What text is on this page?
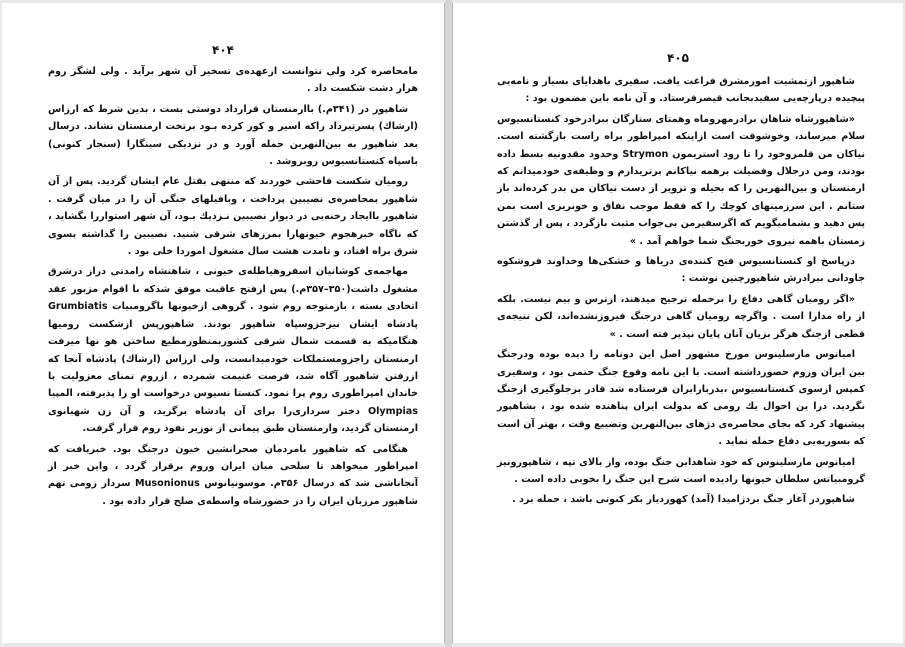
۴۰۴

مامحاصره کرد ولی نتوانست ازعهده‌ی تسخیر آن شهر برآید . ولی لشگر روم هرار دشت شکست داد .

شاهپور در (۳۴۱م.) باارمنستان قرارداد دوستی بست ، بدین شرط که ارزاس (ارشاك) پسرتیرداد راکه اسیر و کور کرده بـود برتخت ارمنستان نشاند. درسال بعد شاهپور به بین‌النهرین حمله آورد و در نزدیکی سینگارا (سنجار کنونی) باسپاه کنستانسیوس روبروشد .

رومیان شکست فاحشی خوردند که منتهی بقتل عام ایشان گردید. پس از آن شاهپور بمحاصره‌ی نصیبین پرداخت ، وبافیلهای جنگی آن را در میان گرفت . شاهپور باایجاد رخنه‌یی در دیوار نصیبین نـزدیك بـود، آن شهر استواررا بگشاید ، که ناگاه خبرهجوم خیونهارا بمرزهای شرقی شنید. نصیبین را گذاشته بسوی شرق براه افتاد، و تامدت هشت سال مشغول اموردا خلی بود .

مهاجمه‌ی کوشانیان اسفروهیاطله‌ی خیونی ، شاهنشاه رامدتی دراز درشرق مشغول داشت(۳۵۰–۳۵۷م.) پس ازفتح عاقبت موفق شدکه با اقوام مزبور عقد اتحادی بسته ، بازمتوجه روم شود . گروهی ازخیونها باگرومبیات Grumbiatis پادشاه ایشان نیزجزوسپاه شاهپور بودند. شاهپورپس ازشکست رومیها هنگامیکه به قسمت شمال شرقی کشوربمنظورمطیع ساختن هو نها میرفت ارمنستان راجزومستملکات خودمیدانست، ولی ارزاس (ارشاك) پادشاه آنجا که ازرفتن شاهپور آگاه شد، فرصت غنیمت شمرده ، ازروم تمنای معزولیت با خاندان امپراطوری روم پرا نمود. کنستا نسیوس درخواست او را پذیرفته، المپیا Olympias دختر سرداری‌را برای آن پادشاه برگزید، و آن زن شهبانوی ارمنستان گردید، وارمنستان طبق پیمانی از نوزیر نفوذ روم قرار گرفت.

هنگامی که شاهپور بامردمان صحرانشین خیون درجنگ بود. خبریافت که امپراطور میخواهد تا سلحی میان ایران وروم برقرار گردد ، واین خبر از آنجاناشی شد که درسال ۳۵۶م. موسونیانوس Musonionus سردار رومی تهم شاهپور مرزبان ایران را در حضورشاه واسطه‌ی صلح قرار داده بود .

۴۰۵

شاهپور ازتمشیت امورمشرق فراغت یافت. سفیری باهدایای بسیار و نامه‌یی پیچیده درپارچه‌یی سفیدبجانب قیصرفرستاد. و آن نامه باین مضمون بود :

«شاهپورشاه شاهان برادرمهروماه وهمتای ستارگان ببرادرخود کنستانسیوس سلام میرساند، وخوشوقت است ازاینکه امپراطور براه راست بازگشته است. نیاکان من قلمروخود را تا رود استریمون Strymon وحدود مقدونیه بسط داده بودند، ومن درجلال وفضیلت برهمه نیاکانم برتریدارم و وظیفه‌ی خودمیدانم که ارمنستان و بین‌النهرین را که بحیله و تزویر از دست نیاکان من بدر کرده‌اند باز ستانم . این سرزمینهای کوچك را که فقط موجب نفاق و خونریزی است بمن پس دهید و بشمامیگویم که اگرسفیرمن بی‌جواب مثبت بازگردد ، پس از گذشتن زمستان باهمه نیروی خوربجنگ شما خواهم آمد . »

درپاسخ او کنستانسیوس فتح کننده‌ی دریاها و خشکی‌ها وخداوند فروشکوه جاودانی ببرادرش شاهپورچنین نوشت :

«اگر رومیان گاهی دفاع را برحمله ترجیح میدهند، ازترس و بیم نیست. بلکه از راه مدارا است . واگرچه رومیان گاهی درجنگ فیروزنشده‌اند، لکن نتیجه‌ی قطعی ازجنگ هرگز بزیان آنان پایان نپذیر فته است . »

امیانوس مارسلینوس مورخ مشهور اصل این دونامه را دیده بوده ودرجنگ بین ایران وروم حضورداشته است. با این نامه وقوع جنگ حتمی بود ، وسفیری کمپس ازسوی کنستانسیوس ،بدربارایران فرستاده شد قادر برجلوگیری ازجنگ نگردید. درا ین احوال یك رومی که بدولت ایران پناهنده شده بود ، بشاهپور پیشنهاد کرد که بجای محاصره‌ی دژهای بین‌النهرین وتضییع وقت ، بهتر آن است که بسوریه‌یی دفاع حمله نماید .

امیانوس مارسلینوس که خود شاهداین جنگ بوده، واز بالای تپه ، شاهپورونیز گرومبیاتس سلطان خیونها رادیده است شرح این جنگ را بخوبی داده است .

شاهپوردر آغاز جنگ بردژامیدا (آمد) کهوردیار بکر کنونی باشد ، حمله برد .
